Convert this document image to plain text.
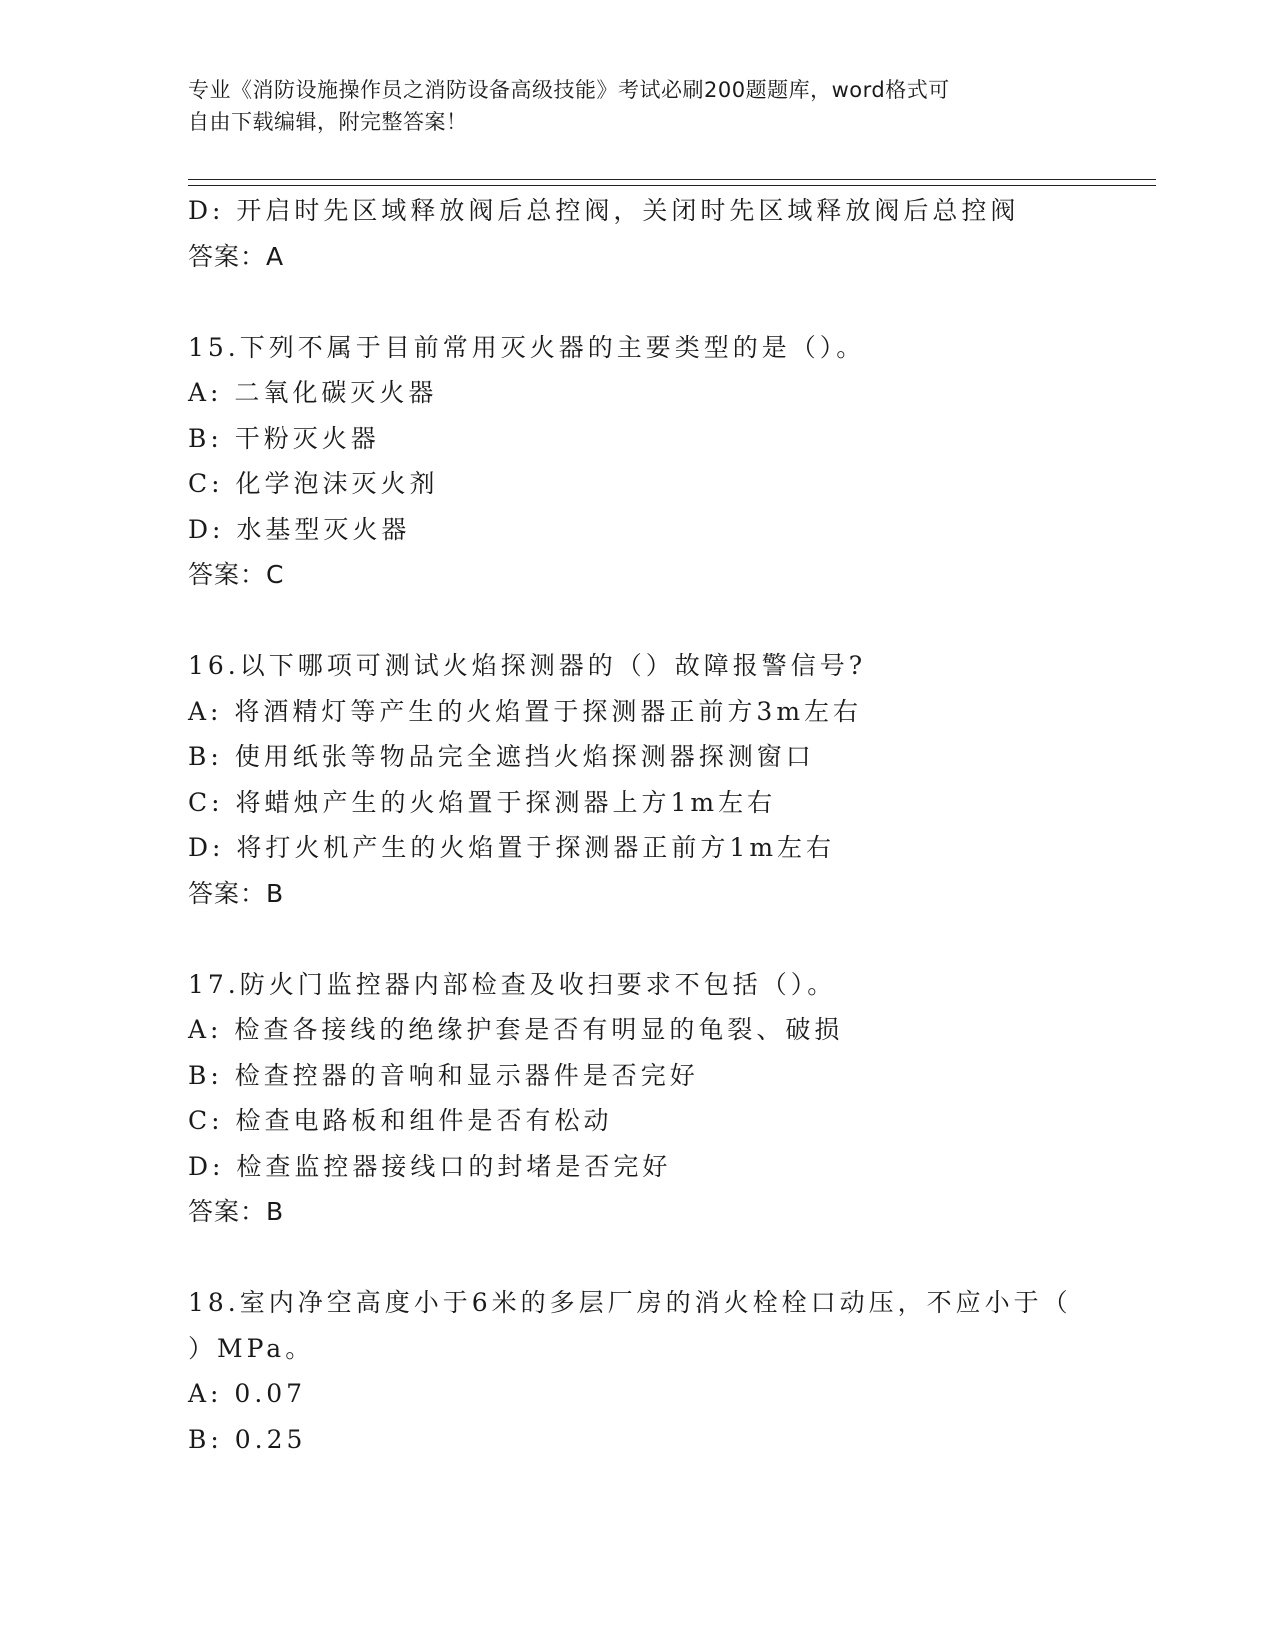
专业《消防设施操作员之消防设备高级技能》考试必刷200题题库，word格式可
自由下载编辑，附完整答案！
D: 开启时先区域释放阀后总控阀，关闭时先区域释放阀后总控阀
答案：A
15.下列不属于目前常用灭火器的主要类型的是（）。
A: 二氧化碳灭火器
B: 干粉灭火器
C: 化学泡沫灭火剂
D: 水基型灭火器
答案：C
16.以下哪项可测试火焰探测器的（）故障报警信号?
A: 将酒精灯等产生的火焰置于探测器正前方3m左右
B: 使用纸张等物品完全遮挡火焰探测器探测窗口
C: 将蜡烛产生的火焰置于探测器上方1m左右
D: 将打火机产生的火焰置于探测器正前方1m左右
答案：B
17.防火门监控器内部检查及收扫要求不包括（）。
A: 检查各接线的绝缘护套是否有明显的龟裂、破损
B: 检查控器的音响和显示器件是否完好
C: 检查电路板和组件是否有松动
D: 检查监控器接线口的封堵是否完好
答案：B
18.室内净空高度小于6米的多层厂房的消火栓栓口动压，不应小于（
）MPa。
A: 0.07
B: 0.25
